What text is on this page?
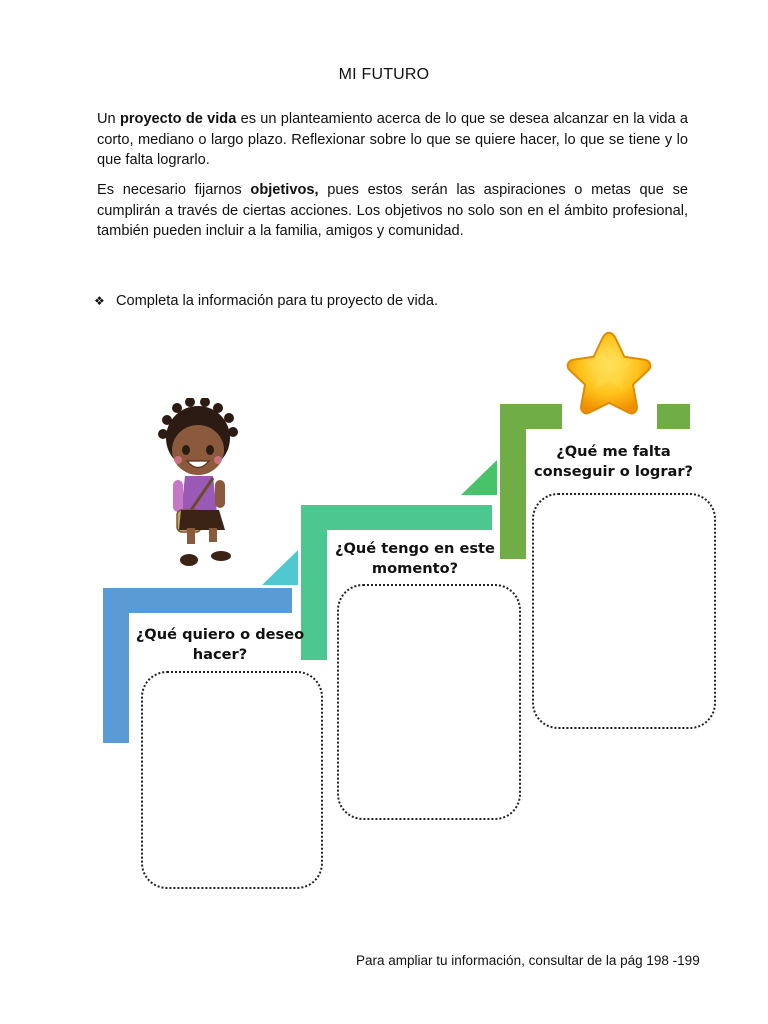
MI FUTURO

Un proyecto de vida es un planteamiento acerca de lo que se desea alcanzar en la vida a corto, mediano o largo plazo. Reflexionar sobre lo que se quiere hacer, lo que se tiene y lo que falta lograrlo.

Es necesario fijarnos objetivos, pues estos serán las aspiraciones o metas que se cumplirán a través de ciertas acciones. Los objetivos no solo son en el ámbito profesional, también pueden incluir a la familia, amigos y comunidad.

❖ Completa la información para tu proyecto de vida.
¿Qué quiero o deseo
hacer?
¿Qué tengo en este
momento?
¿Qué me falta
conseguir o lograr?
Para ampliar tu información, consultar de la pág 198 -199
